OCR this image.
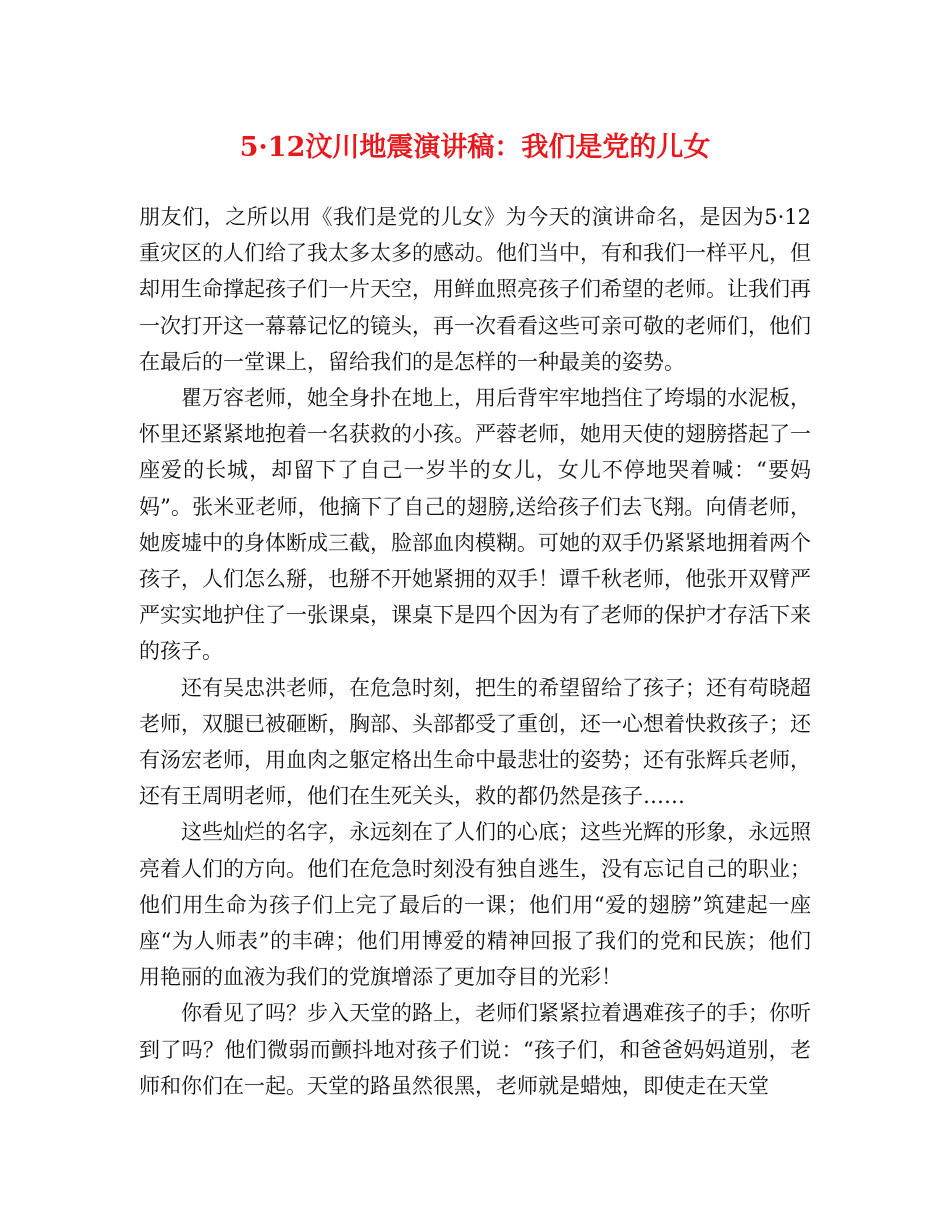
5·12汶川地震演讲稿：我们是党的儿女

朋友们，之所以用《我们是党的儿女》为今天的演讲命名，是因为5·12重灾区的人们给了我太多太多的感动。他们当中，有和我们一样平凡，但却用生命撑起孩子们一片天空，用鲜血照亮孩子们希望的老师。让我们再一次打开这一幕幕记忆的镜头，再一次看看这些可亲可敬的老师们，他们在最后的一堂课上，留给我们的是怎样的一种最美的姿势。

瞿万容老师，她全身扑在地上，用后背牢牢地挡住了垮塌的水泥板，怀里还紧紧地抱着一名获救的小孩。严蓉老师，她用天使的翅膀搭起了一座爱的长城，却留下了自己一岁半的女儿，女儿不停地哭着喊：“要妈妈”。张米亚老师，他摘下了自己的翅膀,送给孩子们去飞翔。向倩老师，她废墟中的身体断成三截，脸部血肉模糊。可她的双手仍紧紧地拥着两个孩子，人们怎么掰，也掰不开她紧拥的双手！谭千秋老师，他张开双臂严严实实地护住了一张课桌，课桌下是四个因为有了老师的保护才存活下来的孩子。

还有吴忠洪老师，在危急时刻，把生的希望留给了孩子；还有苟晓超老师，双腿已被砸断，胸部、头部都受了重创，还一心想着快救孩子；还有汤宏老师，用血肉之躯定格出生命中最悲壮的姿势；还有张辉兵老师，还有王周明老师，他们在生死关头，救的都仍然是孩子……

这些灿烂的名字，永远刻在了人们的心底；这些光辉的形象，永远照亮着人们的方向。他们在危急时刻没有独自逃生，没有忘记自己的职业；他们用生命为孩子们上完了最后的一课；他们用“爱的翅膀”筑建起一座座“为人师表”的丰碑；他们用博爱的精神回报了我们的党和民族；他们用艳丽的血液为我们的党旗增添了更加夺目的光彩！

你看见了吗？步入天堂的路上，老师们紧紧拉着遇难孩子的手；你听到了吗？他们微弱而颤抖地对孩子们说：“孩子们，和爸爸妈妈道别，老师和你们在一起。天堂的路虽然很黑，老师就是蜡烛，即使走在天堂
